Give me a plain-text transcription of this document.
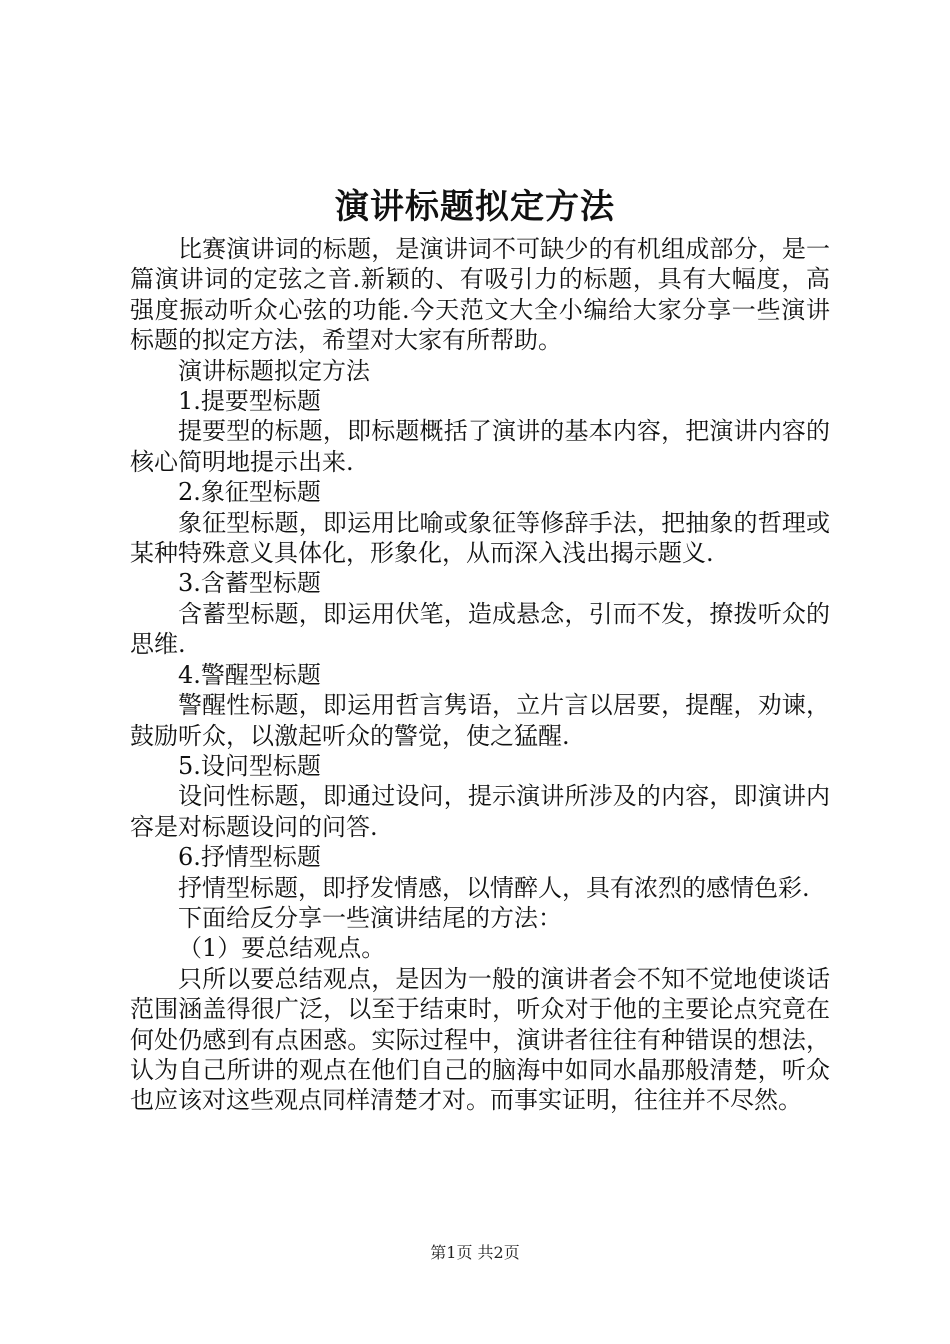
演讲标题拟定方法

比赛演讲词的标题，是演讲词不可缺少的有机组成部分，是一篇演讲词的定弦之音.新颖的、有吸引力的标题，具有大幅度，高强度振动听众心弦的功能.今天范文大全小编给大家分享一些演讲标题的拟定方法，希望对大家有所帮助。

演讲标题拟定方法

1.提要型标题

提要型的标题，即标题概括了演讲的基本内容，把演讲内容的核心简明地提示出来.

2.象征型标题

象征型标题，即运用比喻或象征等修辞手法，把抽象的哲理或某种特殊意义具体化，形象化，从而深入浅出揭示题义.

3.含蓄型标题

含蓄型标题，即运用伏笔，造成悬念，引而不发，撩拨听众的思维.

4.警醒型标题

警醒性标题，即运用哲言隽语，立片言以居要，提醒，劝谏，鼓励听众，以激起听众的警觉，使之猛醒.

5.设问型标题

设问性标题，即通过设问，提示演讲所涉及的内容，即演讲内容是对标题设问的问答.

6.抒情型标题

抒情型标题，即抒发情感，以情醉人，具有浓烈的感情色彩.

下面给反分享一些演讲结尾的方法：

（1）要总结观点。

只所以要总结观点，是因为一般的演讲者会不知不觉地使谈话范围涵盖得很广泛，以至于结束时，听众对于他的主要论点究竟在何处仍感到有点困惑。实际过程中，演讲者往往有种错误的想法，认为自己所讲的观点在他们自己的脑海中如同水晶那般清楚，听众也应该对这些观点同样清楚才对。而事实证明，往往并不尽然。

第1页 共2页
